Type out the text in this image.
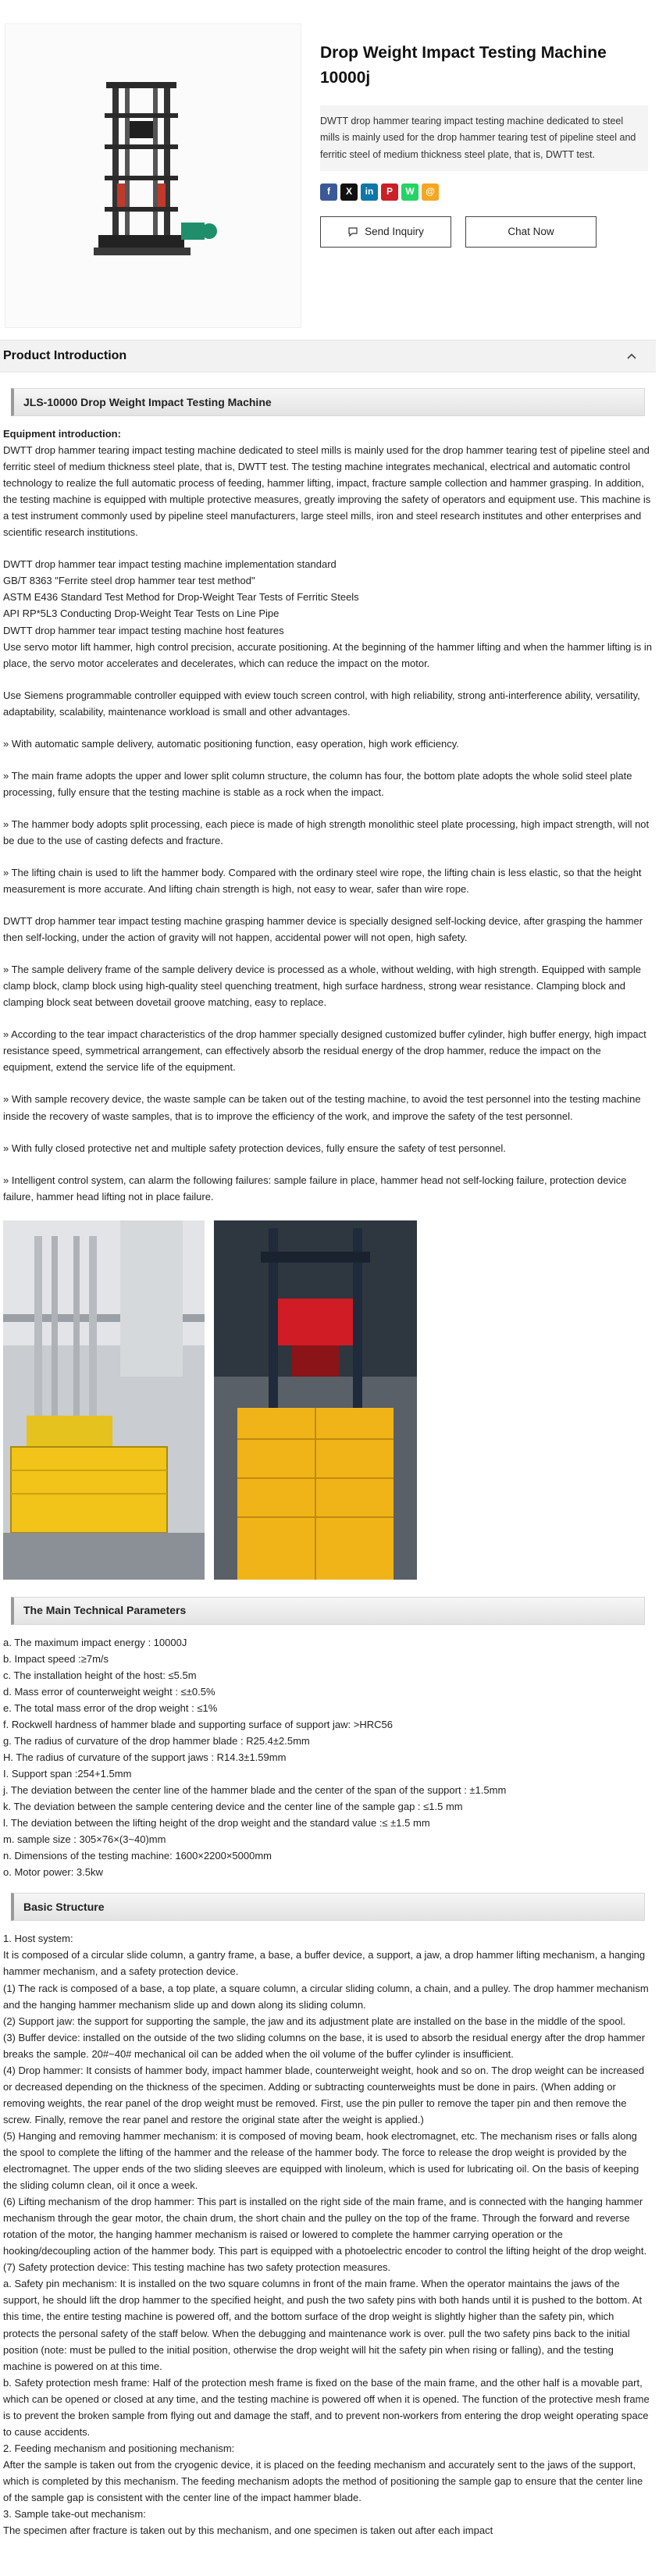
Drop Weight Impact Testing Machine 10000j

DWTT drop hammer tearing impact testing machine dedicated to steel mills is mainly used for the drop hammer tearing test of pipeline steel and ferritic steel of medium thickness steel plate, that is, DWTT test.

f	X	in	P	W	@
Send Inquiry	Chat Now
Product Introduction
JLS-10000 Drop Weight Impact Testing Machine

Equipment introduction:

DWTT drop hammer tearing impact testing machine dedicated to steel mills is mainly used for the drop hammer tearing test of pipeline steel and ferritic steel of medium thickness steel plate, that is, DWTT test. The testing machine integrates mechanical, electrical and automatic control technology to realize the full automatic process of feeding, hammer lifting, impact, fracture sample collection and hammer grasping. In addition, the testing machine is equipped with multiple protective measures, greatly improving the safety of operators and equipment use. This machine is a test instrument commonly used by pipeline steel manufacturers, large steel mills, iron and steel research institutes and other enterprises and scientific research institutions.

DWTT drop hammer tear impact testing machine implementation standard

GB/T 8363 "Ferrite steel drop hammer tear test method"

ASTM E436 Standard Test Method for Drop-Weight Tear Tests of Ferritic Steels

API RP*5L3 Conducting Drop-Weight Tear Tests on Line Pipe

DWTT drop hammer tear impact testing machine host features

Use servo motor lift hammer, high control precision, accurate positioning. At the beginning of the hammer lifting and when the hammer lifting is in place, the servo motor accelerates and decelerates, which can reduce the impact on the motor.

Use Siemens programmable controller equipped with eview touch screen control, with high reliability, strong anti-interference ability, versatility, adaptability, scalability, maintenance workload is small and other advantages.

» With automatic sample delivery, automatic positioning function, easy operation, high work efficiency.

» The main frame adopts the upper and lower split column structure, the column has four, the bottom plate adopts the whole solid steel plate processing, fully ensure that the testing machine is stable as a rock when the impact.

» The hammer body adopts split processing, each piece is made of high strength monolithic steel plate processing, high impact strength, will not be due to the use of casting defects and fracture.

» The lifting chain is used to lift the hammer body. Compared with the ordinary steel wire rope, the lifting chain is less elastic, so that the height measurement is more accurate. And lifting chain strength is high, not easy to wear, safer than wire rope.

DWTT drop hammer tear impact testing machine grasping hammer device is specially designed self-locking device, after grasping the hammer then self-locking, under the action of gravity will not happen, accidental power will not open, high safety.

» The sample delivery frame of the sample delivery device is processed as a whole, without welding, with high strength. Equipped with sample clamp block, clamp block using high-quality steel quenching treatment, high surface hardness, strong wear resistance. Clamping block and clamping block seat between dovetail groove matching, easy to replace.

» According to the tear impact characteristics of the drop hammer specially designed customized buffer cylinder, high buffer energy, high impact resistance speed, symmetrical arrangement, can effectively absorb the residual energy of the drop hammer, reduce the impact on the equipment, extend the service life of the equipment.

» With sample recovery device, the waste sample can be taken out of the testing machine, to avoid the test personnel into the testing machine inside the recovery of waste samples, that is to improve the efficiency of the work, and improve the safety of the test personnel.

» With fully closed protective net and multiple safety protection devices, fully ensure the safety of test personnel.

» Intelligent control system, can alarm the following failures: sample failure in place, hammer head not self-locking failure, protection device failure, hammer head lifting not in place failure.

The Main Technical Parameters

a. The maximum impact energy : 10000J

b. Impact speed :≥7m/s

c. The installation height of the host: ≤5.5m

d. Mass error of counterweight weight : ≤±0.5%

e. The total mass error of the drop weight : ≤1%

f. Rockwell hardness of hammer blade and supporting surface of support jaw: >HRC56

g. The radius of curvature of the drop hammer blade : R25.4±2.5mm

H. The radius of curvature of the support jaws : R14.3±1.59mm

I. Support span :254+1.5mm

j. The deviation between the center line of the hammer blade and the center of the span of the support : ±1.5mm

k. The deviation between the sample centering device and the center line of the sample gap : ≤1.5 mm

l. The deviation between the lifting height of the drop weight and the standard value :≤ ±1.5 mm

m. sample size : 305×76×(3~40)mm

n. Dimensions of the testing machine: 1600×2200×5000mm

o. Motor power: 3.5kw

Basic Structure

1. Host system:

It is composed of a circular slide column, a gantry frame, a base, a buffer device, a support, a jaw, a drop hammer lifting mechanism, a hanging hammer mechanism, and a safety protection device.

(1) The rack is composed of a base, a top plate, a square column, a circular sliding column, a chain, and a pulley. The drop hammer mechanism and the hanging hammer mechanism slide up and down along its sliding column.

(2) Support jaw: the support for supporting the sample, the jaw and its adjustment plate are installed on the base in the middle of the spool.

(3) Buffer device: installed on the outside of the two sliding columns on the base, it is used to absorb the residual energy after the drop hammer breaks the sample. 20#~40# mechanical oil can be added when the oil volume of the buffer cylinder is insufficient.

(4) Drop hammer: It consists of hammer body, impact hammer blade, counterweight weight, hook and so on. The drop weight can be increased or decreased depending on the thickness of the specimen. Adding or subtracting counterweights must be done in pairs. (When adding or removing weights, the rear panel of the drop weight must be removed. First, use the pin puller to remove the taper pin and then remove the screw. Finally, remove the rear panel and restore the original state after the weight is applied.)

(5) Hanging and removing hammer mechanism: it is composed of moving beam, hook electromagnet, etc. The mechanism rises or falls along the spool to complete the lifting of the hammer and the release of the hammer body. The force to release the drop weight is provided by the electromagnet. The upper ends of the two sliding sleeves are equipped with linoleum, which is used for lubricating oil. On the basis of keeping the sliding column clean, oil it once a week.

(6) Lifting mechanism of the drop hammer: This part is installed on the right side of the main frame, and is connected with the hanging hammer mechanism through the gear motor, the chain drum, the short chain and the pulley on the top of the frame. Through the forward and reverse rotation of the motor, the hanging hammer mechanism is raised or lowered to complete the hammer carrying operation or the hooking/decoupling action of the hammer body. This part is equipped with a photoelectric encoder to control the lifting height of the drop weight.

(7) Safety protection device: This testing machine has two safety protection measures.

a. Safety pin mechanism: It is installed on the two square columns in front of the main frame. When the operator maintains the jaws of the support, he should lift the drop hammer to the specified height, and push the two safety pins with both hands until it is pushed to the bottom. At this time, the entire testing machine is powered off, and the bottom surface of the drop weight is slightly higher than the safety pin, which protects the personal safety of the staff below. When the debugging and maintenance work is over. pull the two safety pins back to the initial position (note: must be pulled to the initial position, otherwise the drop weight will hit the safety pin when rising or falling), and the testing machine is powered on at this time.

b. Safety protection mesh frame: Half of the protection mesh frame is fixed on the base of the main frame, and the other half is a movable part, which can be opened or closed at any time, and the testing machine is powered off when it is opened. The function of the protective mesh frame is to prevent the broken sample from flying out and damage the staff, and to prevent non-workers from entering the drop weight operating space to cause accidents.

2. Feeding mechanism and positioning mechanism:

After the sample is taken out from the cryogenic device, it is placed on the feeding mechanism and accurately sent to the jaws of the support, which is completed by this mechanism. The feeding mechanism adopts the method of positioning the sample gap to ensure that the center line of the sample gap is consistent with the center line of the impact hammer blade.

3. Sample take-out mechanism:

The specimen after fracture is taken out by this mechanism, and one specimen is taken out after each impact
